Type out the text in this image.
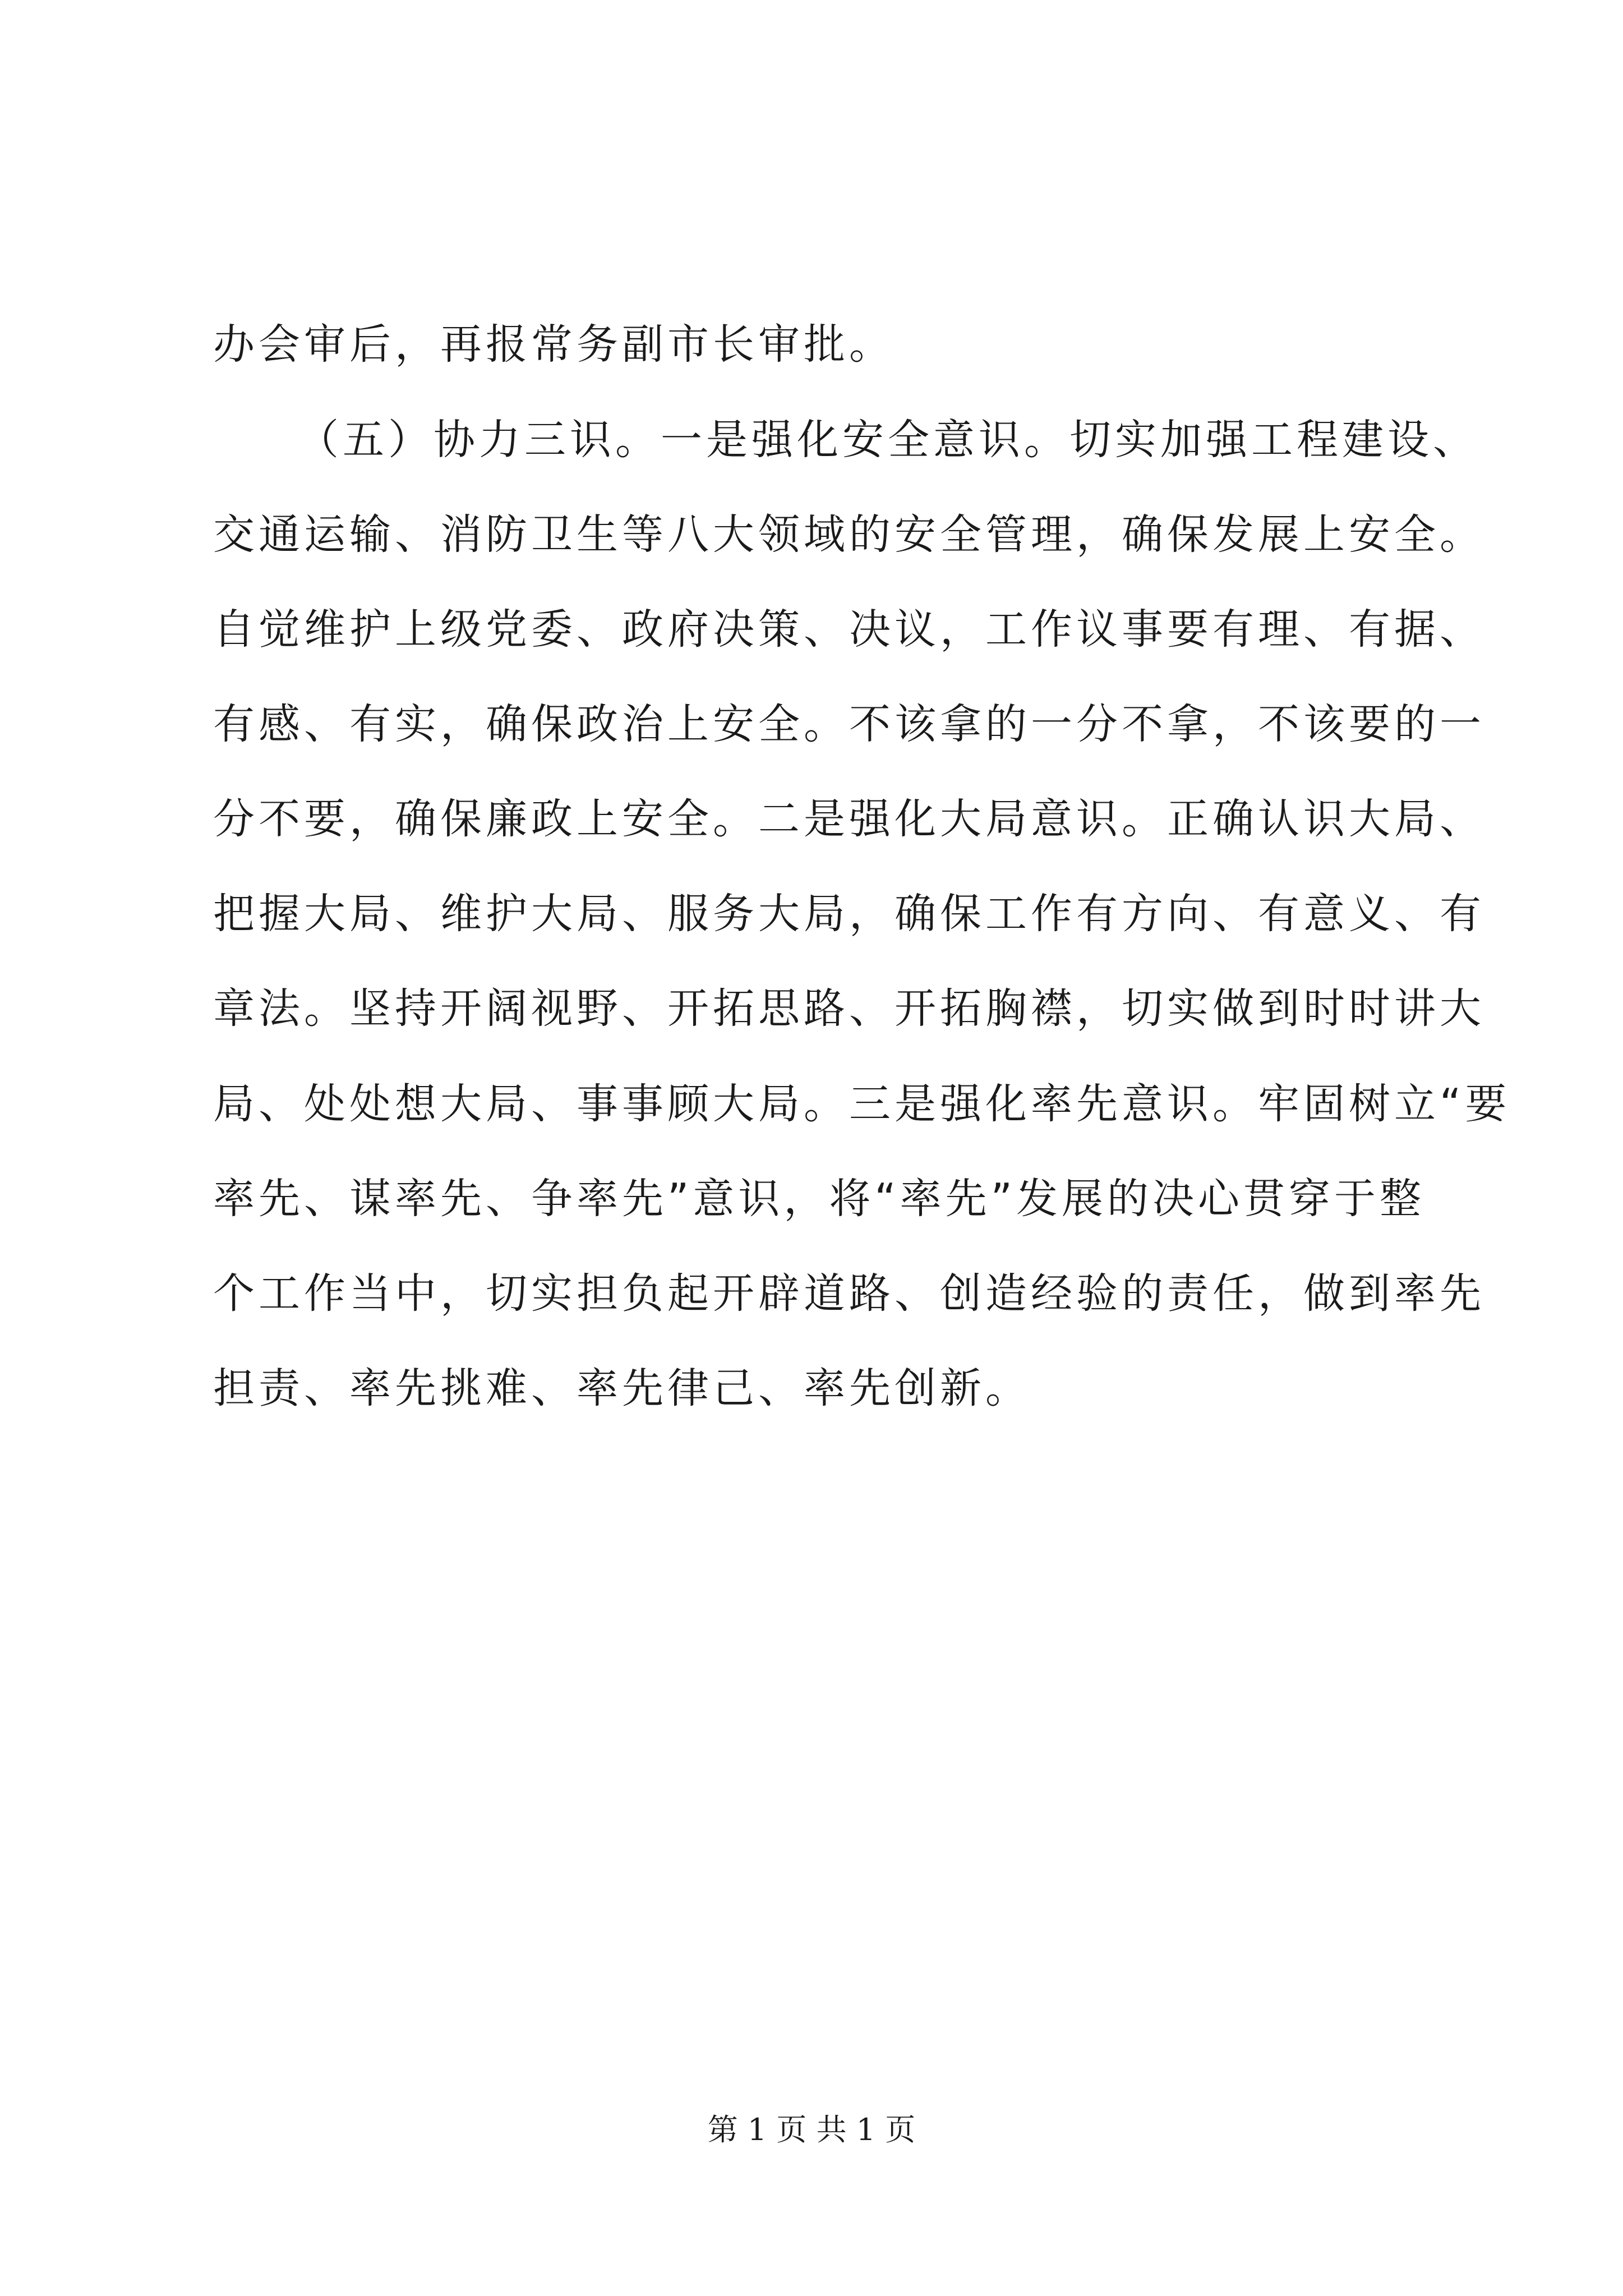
办会审后，再报常务副市长审批。
（五）协力三识。一是强化安全意识。切实加强工程建设、
交通运输、消防卫生等八大领域的安全管理，确保发展上安全。
自觉维护上级党委、政府决策、决议，工作议事要有理、有据、
有感、有实，确保政治上安全。不该拿的一分不拿，不该要的一
分不要，确保廉政上安全。二是强化大局意识。正确认识大局、
把握大局、维护大局、服务大局，确保工作有方向、有意义、有
章法。坚持开阔视野、开拓思路、开拓胸襟，切实做到时时讲大
局、处处想大局、事事顾大局。三是强化率先意识。牢固树立“要
率先、谋率先、争率先”意识，将“率先”发展的决心贯穿于整
个工作当中，切实担负起开辟道路、创造经验的责任，做到率先
担责、率先挑难、率先律己、率先创新。
第 1 页 共 1 页
